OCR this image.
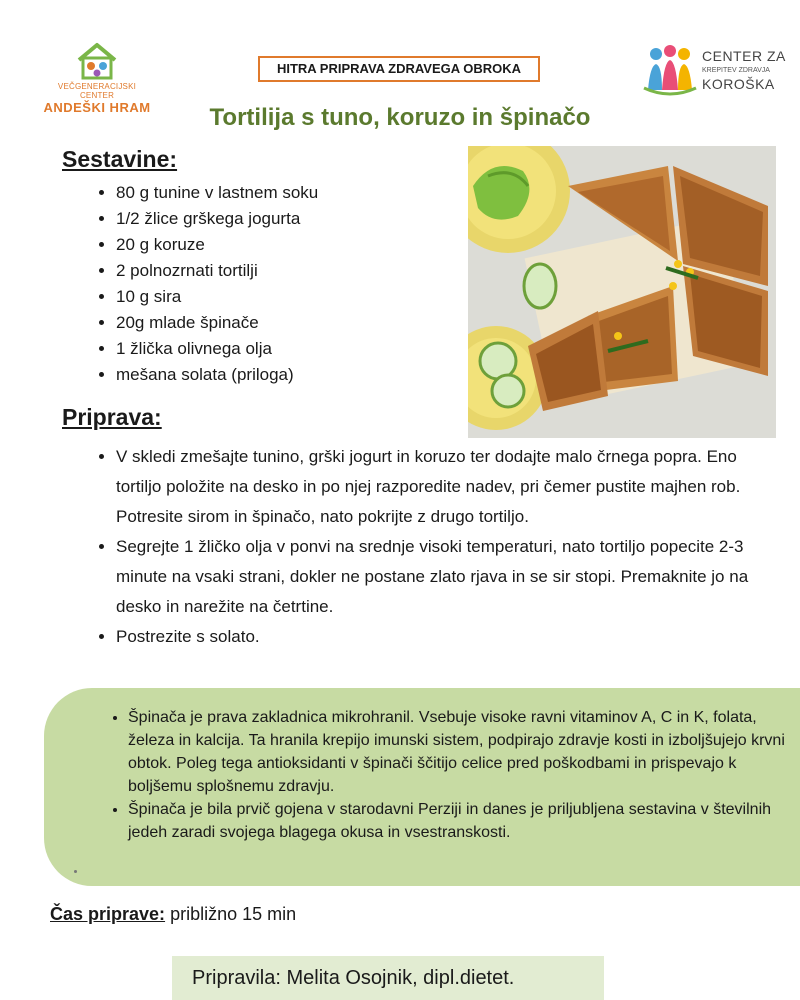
VEČGENERACIJSKI CENTER
ANDEŠKI HRAM
HITRA PRIPRAVA ZDRAVEGA OBROKA
CENTER ZA
KREPITEV ZDRAVJA
KOROŠKA
Tortilija s tuno, koruzo in špinačo
Sestavine:
• 80 g tunine v lastnem soku
• 1/2 žlice grškega jogurta
• 20 g koruze
• 2 polnozrnati tortilji
• 10 g sira
• 20g mlade špinače
• 1 žlička olivnega olja
• mešana solata (priloga)
Priprava:
• V skledi zmešajte tunino, grški jogurt in koruzo ter dodajte malo črnega popra. Eno tortiljo položite na desko in po njej razporedite nadev, pri čemer pustite majhen rob. Potresite sirom in špinačo, nato pokrijte z drugo tortiljo.
• Segrejte 1 žličko olja v ponvi na srednje visoki temperaturi, nato tortiljo popecite 2-3 minute na vsaki strani, dokler ne postane zlato rjava in se sir stopi. Premaknite jo na desko in narežite na četrtine.
• Postrezite s solato.
• Špinača je prava zakladnica mikrohranil. Vsebuje visoke ravni vitaminov A, C in K, folata, železa in kalcija. Ta hranila krepijo imunski sistem, podpirajo zdravje kosti in izboljšujejo krvni obtok. Poleg tega antioksidanti v špinači ščitijo celice pred poškodbami in prispevajo k boljšemu splošnemu zdravju.
• Špinača je bila prvič gojena v starodavni Perziji in danes je priljubljena sestavina v številnih jedeh zaradi svojega blagega okusa in vsestranskosti.
Čas priprave: približno 15 min
Pripravila: Melita Osojnik, dipl.dietet.
